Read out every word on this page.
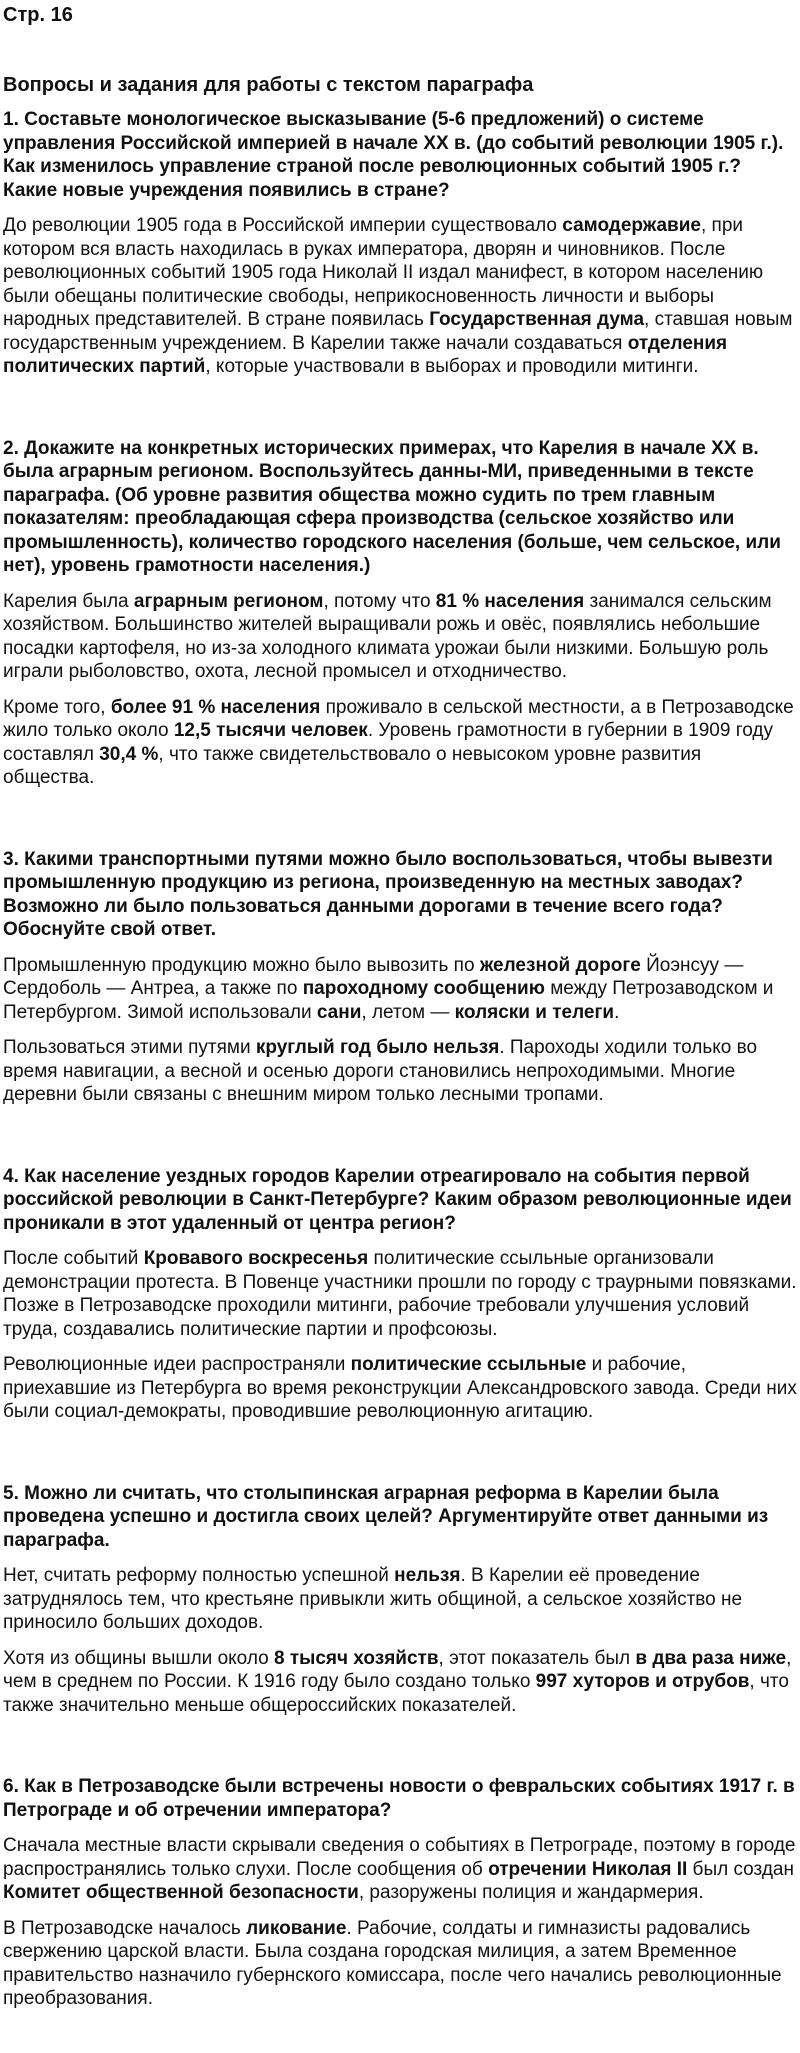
Стр. 16
Вопросы и задания для работы с текстом параграфа
1. Составьте монологическое высказывание (5-6 предложений) о системе управления Российской империей в начале XX в. (до событий революции 1905 г.). Как изменилось управление страной после революционных событий 1905 г.? Какие новые учреждения появились в стране?
До революции 1905 года в Российской империи существовало самодержавие, при котором вся власть находилась в руках императора, дворян и чиновников. После революционных событий 1905 года Николай II издал манифест, в котором населению были обещаны политические свободы, неприкосновенность личности и выборы народных представителей. В стране появилась Государственная дума, ставшая новым государственным учреждением. В Карелии также начали создаваться отделения политических партий, которые участвовали в выборах и проводили митинги.
2. Докажите на конкретных исторических примерах, что Карелия в начале XX в. была аграрным регионом. Воспользуйтесь данны-МИ, приведенными в тексте параграфа. (Об уровне развития общества можно судить по трем главным показателям: преобладающая сфера производства (сельское хозяйство или промышленность), количество городского населения (больше, чем сельское, или нет), уровень грамотности населения.)
Карелия была аграрным регионом, потому что 81 % населения занимался сельским хозяйством. Большинство жителей выращивали рожь и овёс, появлялись небольшие посадки картофеля, но из-за холодного климата урожаи были низкими. Большую роль играли рыболовство, охота, лесной промысел и отходничество.
Кроме того, более 91 % населения проживало в сельской местности, а в Петрозаводске жило только около 12,5 тысячи человек. Уровень грамотности в губернии в 1909 году составлял 30,4 %, что также свидетельствовало о невысоком уровне развития общества.
3. Какими транспортными путями можно было воспользоваться, чтобы вывезти промышленную продукцию из региона, произведенную на местных заводах? Возможно ли было пользоваться данными дорогами в течение всего года? Обоснуйте свой ответ.
Промышленную продукцию можно было вывозить по железной дороге Йоэнсуу — Сердоболь — Антреа, а также по пароходному сообщению между Петрозаводском и Петербургом. Зимой использовали сани, летом — коляски и телеги.
Пользоваться этими путями круглый год было нельзя. Пароходы ходили только во время навигации, а весной и осенью дороги становились непроходимыми. Многие деревни были связаны с внешним миром только лесными тропами.
4. Как население уездных городов Карелии отреагировало на события первой российской революции в Санкт-Петербурге? Каким образом революционные идеи проникали в этот удаленный от центра регион?
После событий Кровавого воскресенья политические ссыльные организовали демонстрации протеста. В Повенце участники прошли по городу с траурными повязками. Позже в Петрозаводске проходили митинги, рабочие требовали улучшения условий труда, создавались политические партии и профсоюзы.
Революционные идеи распространяли политические ссыльные и рабочие, приехавшие из Петербурга во время реконструкции Александровского завода. Среди них были социал-демократы, проводившие революционную агитацию.
5. Можно ли считать, что столыпинская аграрная реформа в Карелии была проведена успешно и достигла своих целей? Аргументируйте ответ данными из параграфа.
Нет, считать реформу полностью успешной нельзя. В Карелии её проведение затруднялось тем, что крестьяне привыкли жить общиной, а сельское хозяйство не приносило больших доходов.
Хотя из общины вышли около 8 тысяч хозяйств, этот показатель был в два раза ниже, чем в среднем по России. К 1916 году было создано только 997 хуторов и отрубов, что также значительно меньше общероссийских показателей.
6. Как в Петрозаводске были встречены новости о февральских событиях 1917 г. в Петрограде и об отречении императора?
Сначала местные власти скрывали сведения о событиях в Петрограде, поэтому в городе распространялись только слухи. После сообщения об отречении Николая II был создан Комитет общественной безопасности, разоружены полиция и жандармерия.
В Петрозаводске началось ликование. Рабочие, солдаты и гимназисты радовались свержению царской власти. Была создана городская милиция, а затем Временное правительство назначило губернского комиссара, после чего начались революционные преобразования.
